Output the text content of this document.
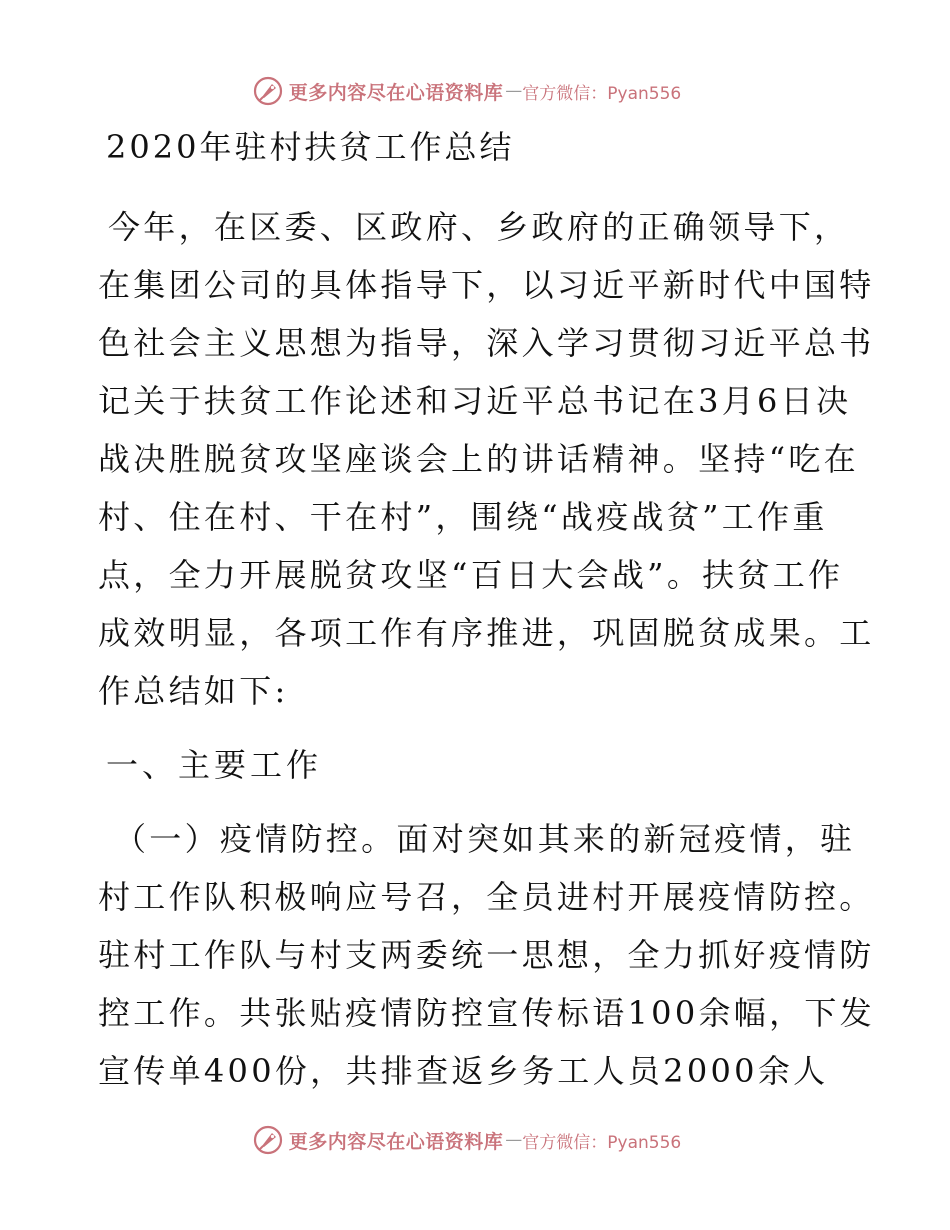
更多内容尽在心语资料库 — 官方微信：Pyan556
2020年驻村扶贫工作总结
今年，在区委、区政府、乡政府的正确领导下，
在集团公司的具体指导下，以习近平新时代中国特
色社会主义思想为指导，深入学习贯彻习近平总书
记关于扶贫工作论述和习近平总书记在3月6日决
战决胜脱贫攻坚座谈会上的讲话精神。坚持“吃在
村、住在村、干在村”，围绕“战疫战贫”工作重
点，全力开展脱贫攻坚“百日大会战”。扶贫工作
成效明显，各项工作有序推进，巩固脱贫成果。工
作总结如下:
一、主要工作
（一）疫情防控。面对突如其来的新冠疫情，驻
村工作队积极响应号召，全员进村开展疫情防控。
驻村工作队与村支两委统一思想，全力抓好疫情防
控工作。共张贴疫情防控宣传标语100余幅，下发
宣传单400份，共排查返乡务工人员2000余人
更多内容尽在心语资料库 — 官方微信：Pyan556
